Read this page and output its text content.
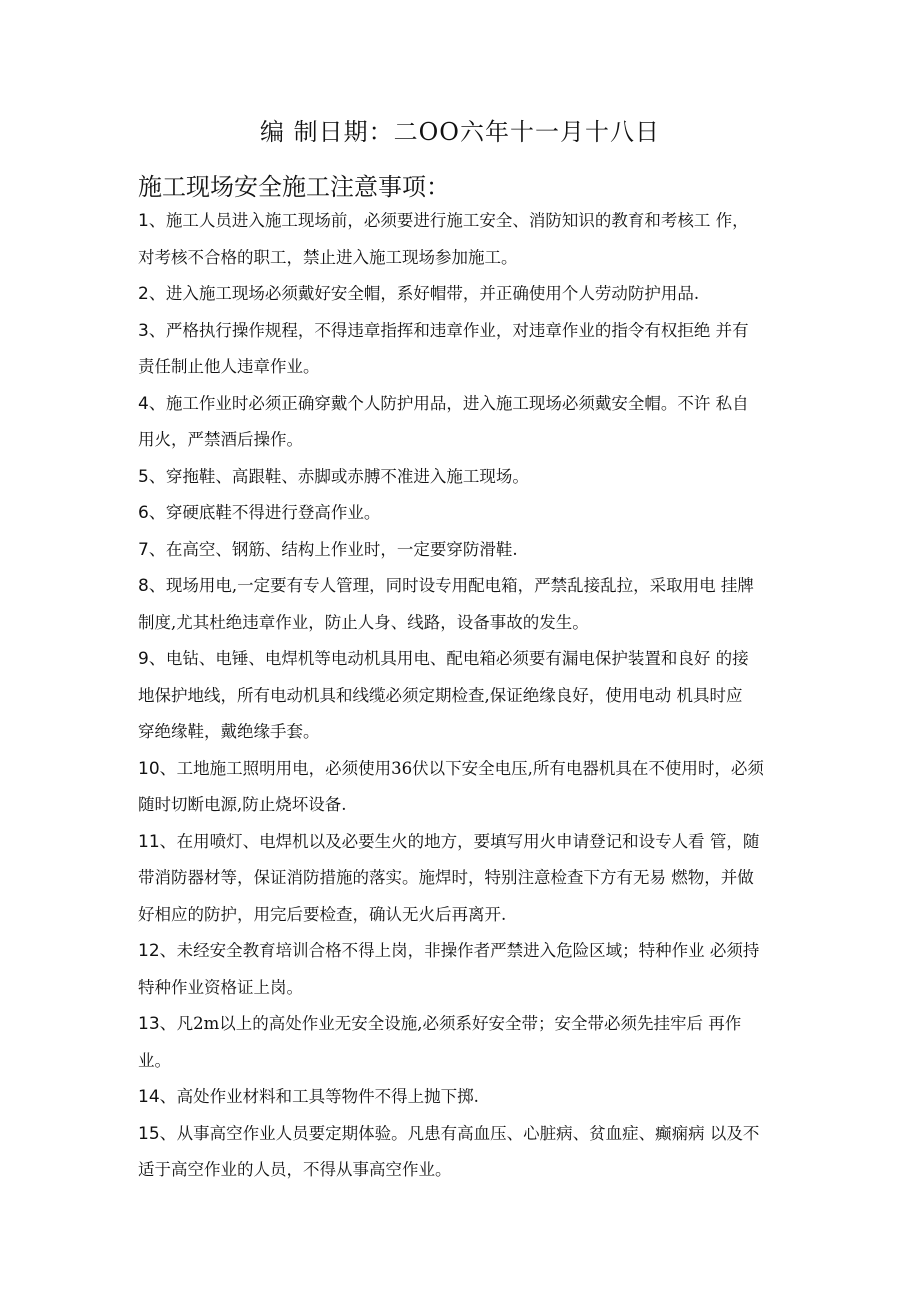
编 制日期：二OO六年十一月十八日
施工现场安全施工注意事项：
1、施工人员进入施工现场前，必须要进行施工安全、消防知识的教育和考核工 作，
对考核不合格的职工，禁止进入施工现场参加施工。
2、进入施工现场必须戴好安全帽，系好帽带，并正确使用个人劳动防护用品.
3、严格执行操作规程，不得违章指挥和违章作业，对违章作业的指令有权拒绝 并有
责任制止他人违章作业。
4、施工作业时必须正确穿戴个人防护用品，进入施工现场必须戴安全帽。不许 私自
用火，严禁酒后操作。
5、穿拖鞋、高跟鞋、赤脚或赤膊不准进入施工现场。
6、穿硬底鞋不得进行登高作业。
7、在高空、钢筋、结构上作业时，一定要穿防滑鞋.
8、现场用电,一定要有专人管理，同时设专用配电箱，严禁乱接乱拉，采取用电 挂牌
制度,尤其杜绝违章作业，防止人身、线路，设备事故的发生。
9、电钻、电锤、电焊机等电动机具用电、配电箱必须要有漏电保护装置和良好 的接
地保护地线，所有电动机具和线缆必须定期检查,保证绝缘良好，使用电动 机具时应
穿绝缘鞋，戴绝缘手套。
10、工地施工照明用电，必须使用36伏以下安全电压,所有电器机具在不使用时，必须
随时切断电源,防止烧坏设备.
11、在用喷灯、电焊机以及必要生火的地方，要填写用火申请登记和设专人看 管，随
带消防器材等，保证消防措施的落实。施焊时，特别注意检查下方有无易 燃物，并做
好相应的防护，用完后要检查，确认无火后再离开.
12、未经安全教育培训合格不得上岗，非操作者严禁进入危险区域；特种作业 必须持
特种作业资格证上岗。
13、凡2m以上的高处作业无安全设施,必须系好安全带；安全带必须先挂牢后 再作
业。
14、高处作业材料和工具等物件不得上抛下掷.
15、从事高空作业人员要定期体验。凡患有高血压、心脏病、贫血症、癫痫病 以及不
适于高空作业的人员，不得从事高空作业。
